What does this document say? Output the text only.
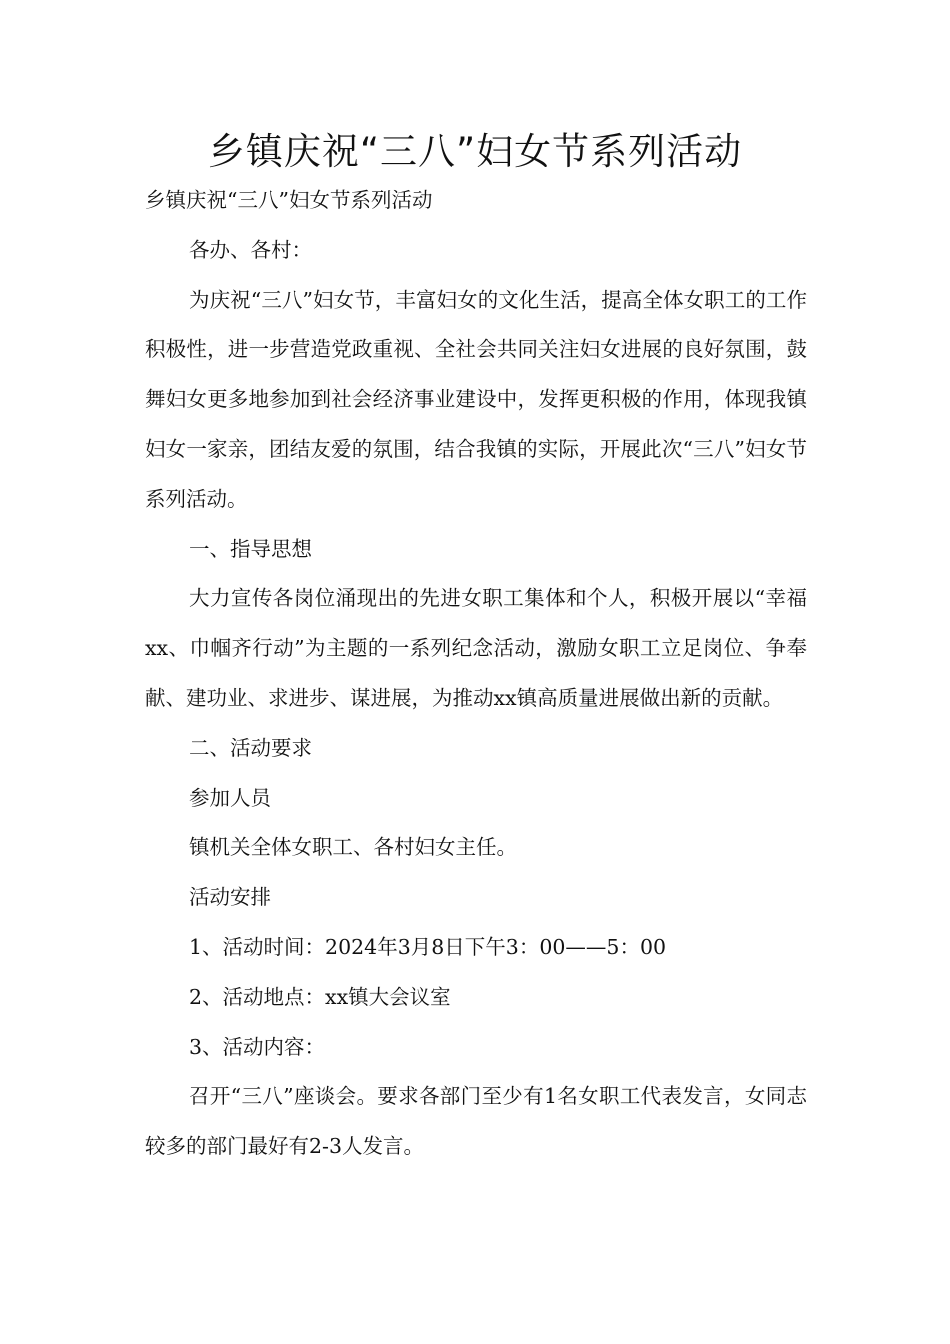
乡镇庆祝“三八”妇女节系列活动

乡镇庆祝“三八”妇女节系列活动

各办、各村：

为庆祝“三八”妇女节，丰富妇女的文化生活，提高全体女职工的工作积极性，进一步营造党政重视、全社会共同关注妇女进展的良好氛围，鼓舞妇女更多地参加到社会经济事业建设中，发挥更积极的作用，体现我镇妇女一家亲，团结友爱的氛围，结合我镇的实际，开展此次“三八”妇女节系列活动。

一、指导思想

大力宣传各岗位涌现出的先进女职工集体和个人，积极开展以“幸福xx、巾帼齐行动”为主题的一系列纪念活动，激励女职工立足岗位、争奉献、建功业、求进步、谋进展，为推动xx镇高质量进展做出新的贡献。

二、活动要求

参加人员

镇机关全体女职工、各村妇女主任。

活动安排

1、活动时间：2024年3月8日下午3：00——5：00

2、活动地点：xx镇大会议室

3、活动内容：

召开“三八”座谈会。要求各部门至少有1名女职工代表发言，女同志较多的部门最好有2-3人发言。
